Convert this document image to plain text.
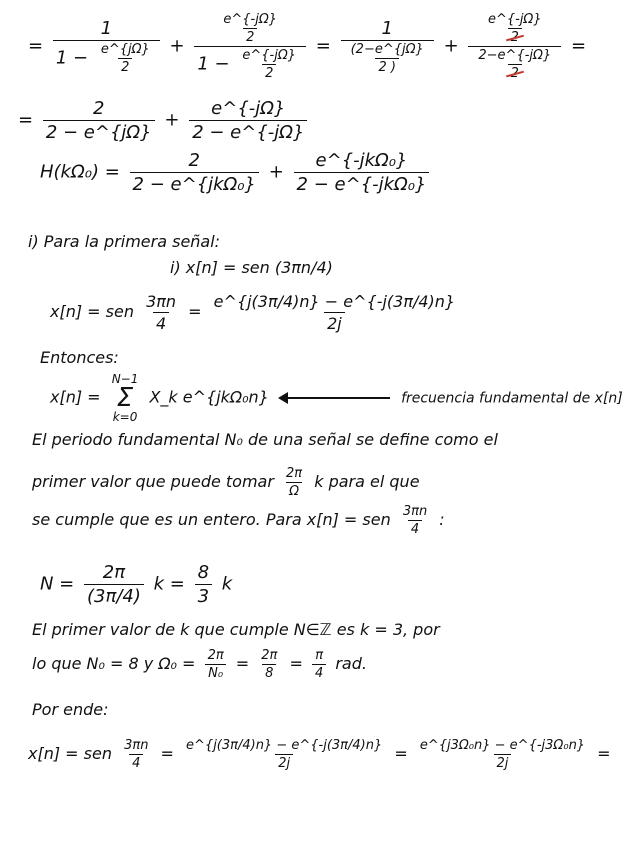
= $\frac{1}{1 - \frac{e\^{}\{j\Omega\}}{2}} + \frac{\frac{e\^{}\{-j\Omega\}}{2}}{1 - \frac{e\^{}\{-j\Omega\}}{2}} = \frac{1}{\frac{(2-e\^{}\{j\Omega\}}{2 )}} + \frac{\frac{e\^{}\{-j\Omega\}}{2}}{\frac{2-e\^{}\{-j\Omega\}}{2}}$ =
= $\frac{2}{2 - e\^{}\{j\Omega\}} + \frac{e\^{}\{-j\Omega\}}{2 - e\^{}\{-j\Omega\}}$
$H(k\Omega_0) = \frac{2}{\text{2 − e\textasciicircum{}\{jkΩ₀\}}} + \frac{\text{e\textasciicircum{}\{-jkΩ₀\}}}{\text{2 − e\textasciicircum{}\{-jkΩ₀\}}}$
i) Para la primera señal:
i) x[n] = sen (3πn/4)
x[n] = sen $\frac{3\pi n}{4} = \frac{e\^{}\{j(3\pi/4)n\} - e\^{}\{-j(3\pi/4)n\}}{2j}$
Entonces:
x[n] =
N−1
Σ
k=0
X_k e^{jkΩ₀n}	frecuencia fundamental de x[n]
El periodo fundamental N₀ de una señal se define como el
primer valor que puede tomar $\frac{2\pi}{\Omega}$ k para el que
se cumple que es un entero. Para x[n] = sen $\frac{3\pi n}{4}$ :
$N = \frac{2\pi}{(3\pi/4)}$ $k = \frac{8}{3}$ k
El primer valor de k que cumple N∈ℤ es k = 3, por
lo que N₀ = 8 y $\Omega_0 = \frac{2\pi}{\text{N₀}} = \frac{2\pi}{8} = \frac{\pi}{4}$ rad.
Por ende:
x[n] = sen $\frac{3\pi n}{4} = \frac{e\^{}\{j(3\pi/4)n\} - e\^{}\{-j(3\pi/4)n\}}{2j} = \frac{\text{e\textasciicircum{}\{j3Ω₀n\} − e\textasciicircum{}\{-j3Ω₀n\}}}{2j}$ =
